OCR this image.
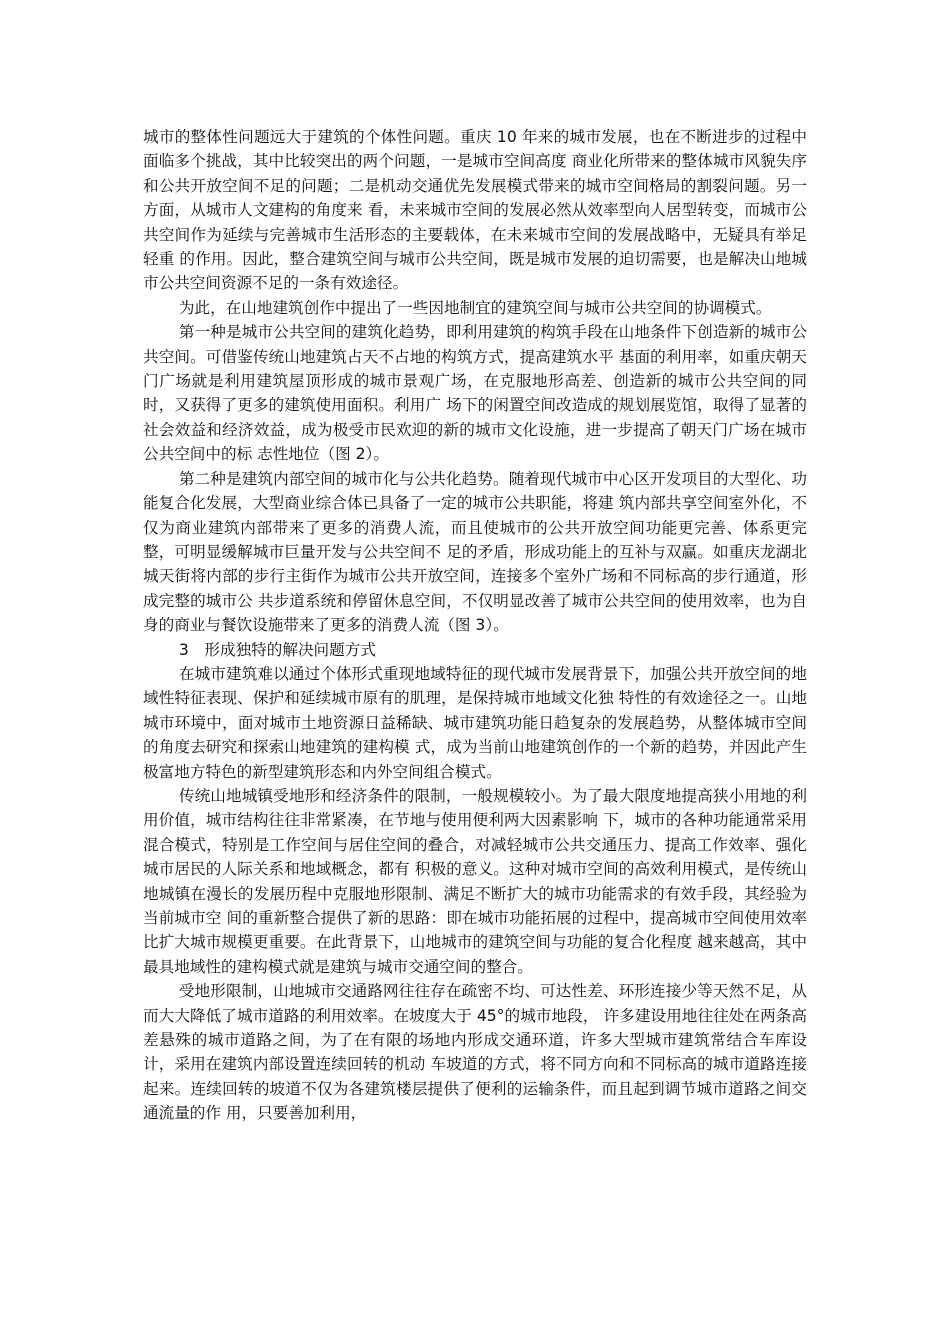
城市的整体性问题远大于建筑的个体性问题。重庆 10 年来的城市发展，也在不断进步的过程中面临多个挑战，其中比较突出的两个问题，一是城市空间高度 商业化所带来的整体城市风貌失序和公共开放空间不足的问题；二是机动交通优先发展模式带来的城市空间格局的割裂问题。另一方面，从城市人文建构的角度来 看，未来城市空间的发展必然从效率型向人居型转变，而城市公共空间作为延续与完善城市生活形态的主要载体，在未来城市空间的发展战略中，无疑具有举足轻重 的作用。因此，整合建筑空间与城市公共空间，既是城市发展的迫切需要，也是解决山地城市公共空间资源不足的一条有效途径。

为此，在山地建筑创作中提出了一些因地制宜的建筑空间与城市公共空间的协调模式。

第一种是城市公共空间的建筑化趋势，即利用建筑的构筑手段在山地条件下创造新的城市公共空间。可借鉴传统山地建筑占天不占地的构筑方式，提高建筑水平 基面的利用率，如重庆朝天门广场就是利用建筑屋顶形成的城市景观广场，在克服地形高差、创造新的城市公共空间的同时，又获得了更多的建筑使用面积。利用广 场下的闲置空间改造成的规划展览馆，取得了显著的社会效益和经济效益，成为极受市民欢迎的新的城市文化设施，进一步提高了朝天门广场在城市公共空间中的标 志性地位（图 2）。

第二种是建筑内部空间的城市化与公共化趋势。随着现代城市中心区开发项目的大型化、功能复合化发展，大型商业综合体已具备了一定的城市公共职能，将建 筑内部共享空间室外化，不仅为商业建筑内部带来了更多的消费人流，而且使城市的公共开放空间功能更完善、体系更完整，可明显缓解城市巨量开发与公共空间不 足的矛盾，形成功能上的互补与双赢。如重庆龙湖北城天街将内部的步行主街作为城市公共开放空间，连接多个室外广场和不同标高的步行通道，形成完整的城市公 共步道系统和停留休息空间，不仅明显改善了城市公共空间的使用效率，也为自身的商业与餐饮设施带来了更多的消费人流（图 3）。

3　形成独特的解决问题方式

在城市建筑难以通过个体形式重现地域特征的现代城市发展背景下，加强公共开放空间的地域性特征表现、保护和延续城市原有的肌理，是保持城市地域文化独 特性的有效途径之一。山地城市环境中，面对城市土地资源日益稀缺、城市建筑功能日趋复杂的发展趋势，从整体城市空间的角度去研究和探索山地建筑的建构模 式，成为当前山地建筑创作的一个新的趋势，并因此产生极富地方特色的新型建筑形态和内外空间组合模式。

传统山地城镇受地形和经济条件的限制，一般规模较小。为了最大限度地提高狭小用地的利用价值，城市结构往往非常紧凑，在节地与使用便利两大因素影响 下，城市的各种功能通常采用混合模式，特别是工作空间与居住空间的叠合，对减轻城市公共交通压力、提高工作效率、强化城市居民的人际关系和地域概念，都有 积极的意义。这种对城市空间的高效利用模式，是传统山地城镇在漫长的发展历程中克服地形限制、满足不断扩大的城市功能需求的有效手段，其经验为当前城市空 间的重新整合提供了新的思路：即在城市功能拓展的过程中，提高城市空间使用效率比扩大城市规模更重要。在此背景下，山地城市的建筑空间与功能的复合化程度 越来越高，其中最具地域性的建构模式就是建筑与城市交通空间的整合。

受地形限制，山地城市交通路网往往存在疏密不均、可达性差、环形连接少等天然不足，从而大大降低了城市道路的利用效率。在坡度大于 45°的城市地段， 许多建设用地往往处在两条高差悬殊的城市道路之间，为了在有限的场地内形成交通环道，许多大型城市建筑常结合车库设计，采用在建筑内部设置连续回转的机动 车坡道的方式，将不同方向和不同标高的城市道路连接起来。连续回转的坡道不仅为各建筑楼层提供了便利的运输条件，而且起到调节城市道路之间交通流量的作 用，只要善加利用，
